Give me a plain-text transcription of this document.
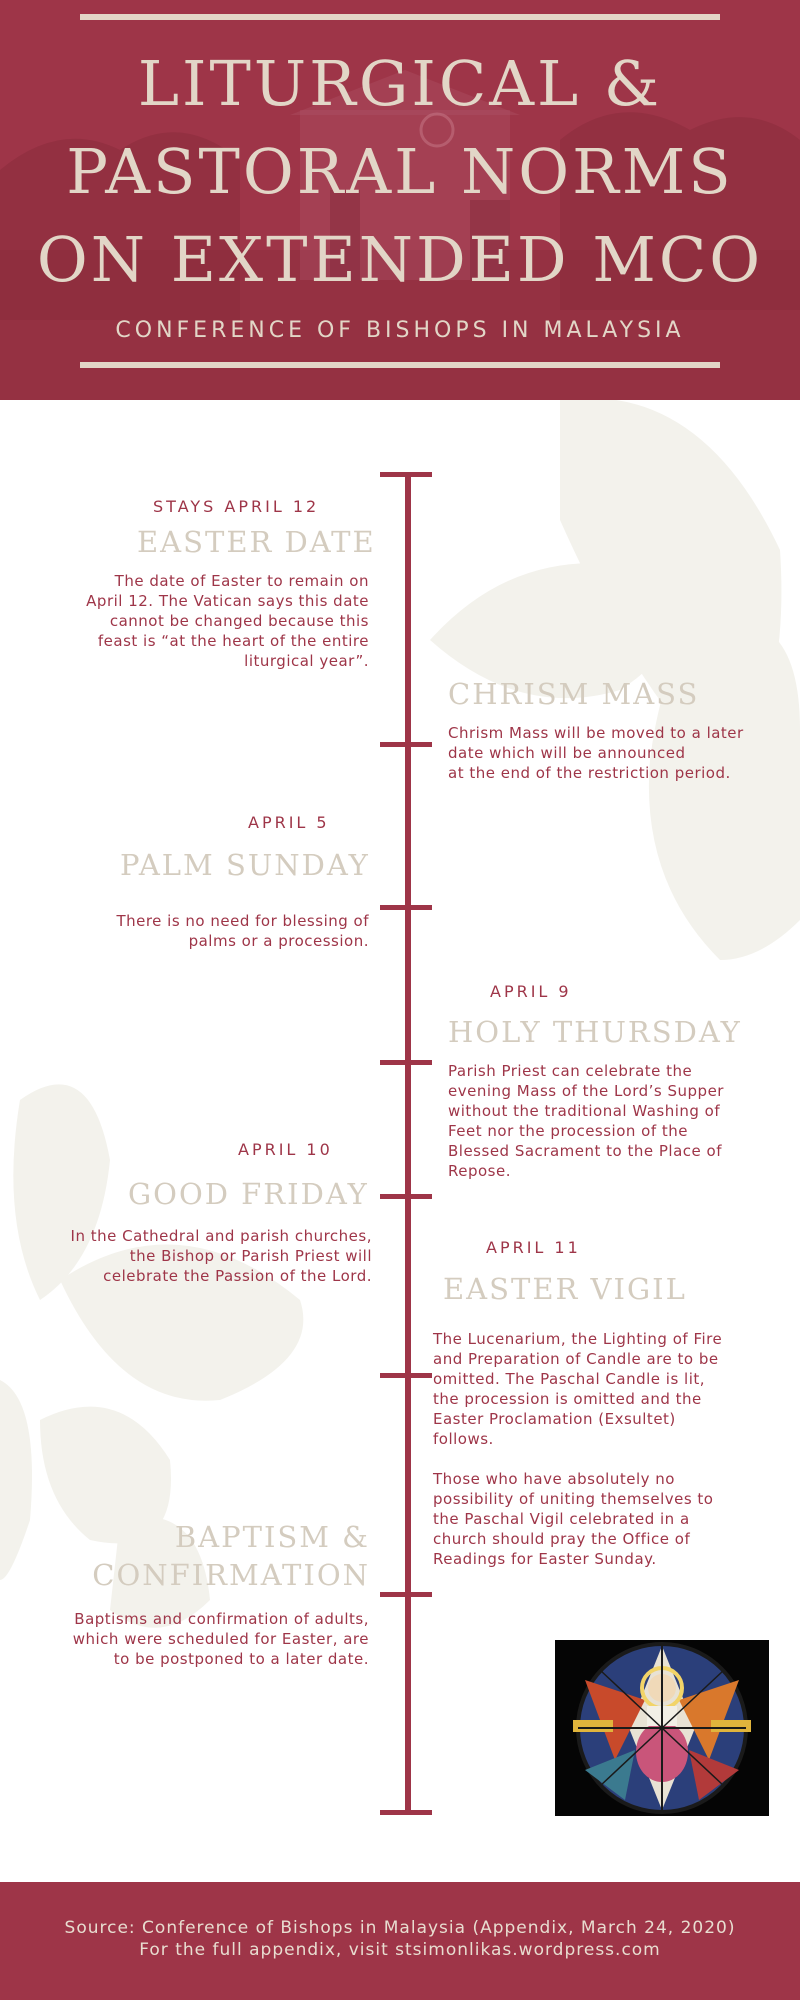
LITURGICAL &
PASTORAL NORMS
ON EXTENDED MCO
CONFERENCE OF BISHOPS IN MALAYSIA
STAYS APRIL 12
EASTER DATE
The date of Easter to remain on
April 12. The Vatican says this date
cannot be changed because this
feast is “at the heart of the entire
liturgical year”.
CHRISM MASS
Chrism Mass will be moved to a later
date which will be announced
at the end of the restriction period.
APRIL 5
PALM SUNDAY
There is no need for blessing of
palms or a procession.
APRIL 9
HOLY THURSDAY
Parish Priest can celebrate the
evening Mass of the Lord’s Supper
without the traditional Washing of
Feet nor the procession of the
Blessed Sacrament to the Place of
Repose.
APRIL 10
GOOD FRIDAY
In the Cathedral and parish churches,
the Bishop or Parish Priest will
celebrate the Passion of the Lord.
APRIL 11
EASTER VIGIL
The Lucenarium, the Lighting of Fire
and Preparation of Candle are to be
omitted. The Paschal Candle is lit,
the procession is omitted and the
Easter Proclamation (Exsultet)
follows.
Those who have absolutely no
possibility of uniting themselves to
the Paschal Vigil celebrated in a
church should pray the Office of
Readings for Easter Sunday.
BAPTISM &
CONFIRMATION
Baptisms and confirmation of adults,
which were scheduled for Easter, are
to be postponed to a later date.

Source: Conference of Bishops in Malaysia (Appendix, March 24, 2020)

For the full appendix, visit stsimonlikas.wordpress.com
